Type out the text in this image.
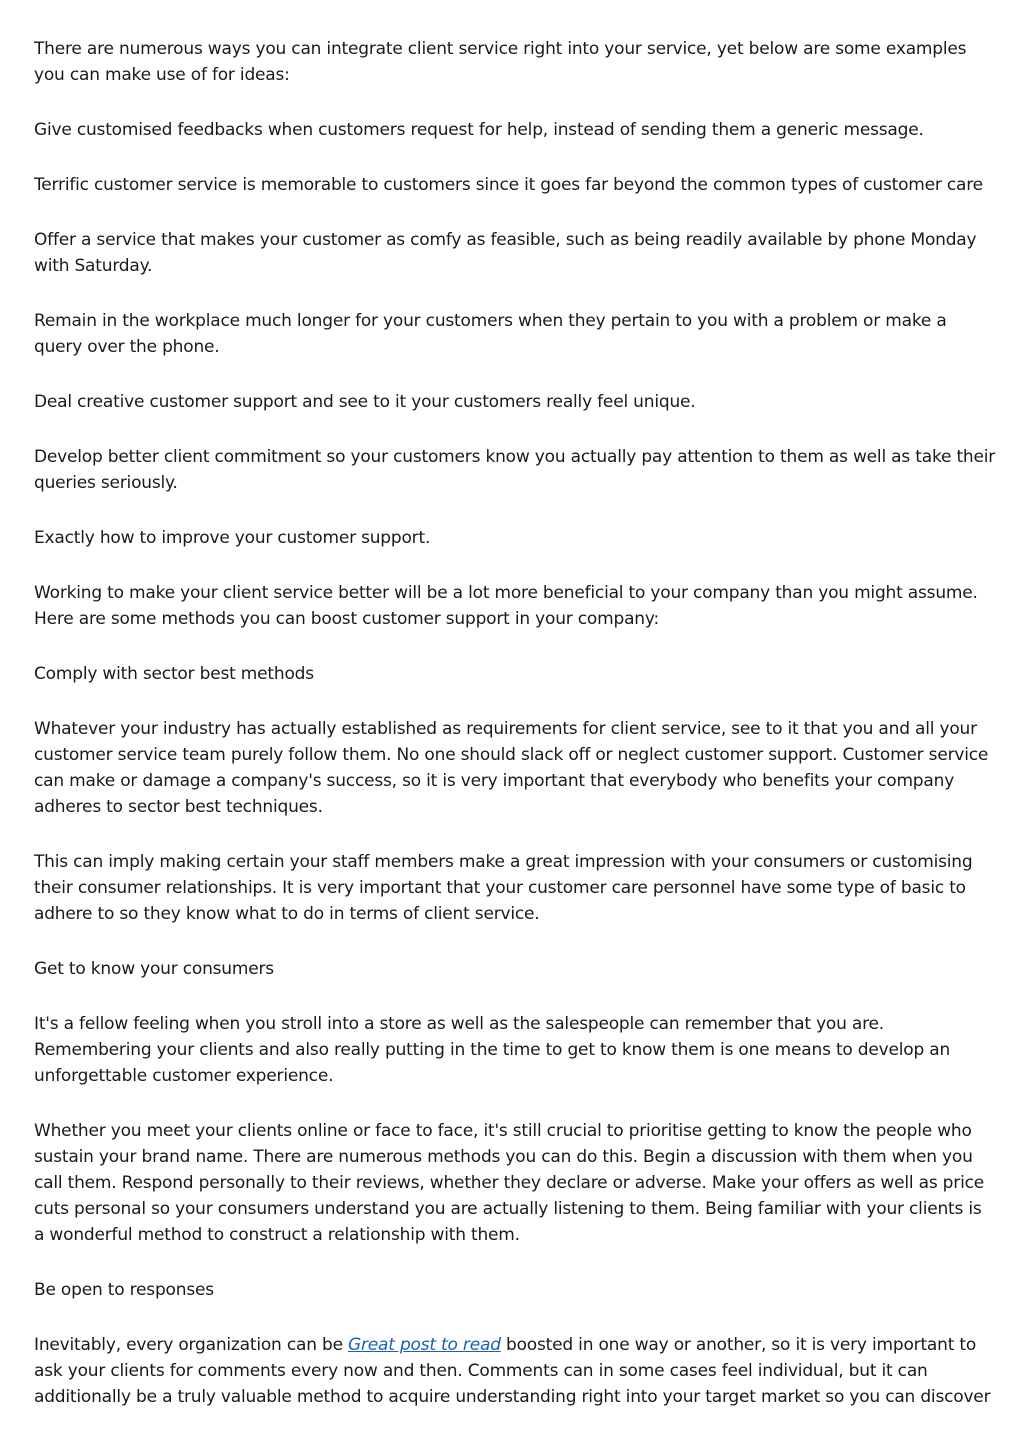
There are numerous ways you can integrate client service right into your service, yet below are some examples you can make use of for ideas:

Give customised feedbacks when customers request for help, instead of sending them a generic message.

Terrific customer service is memorable to customers since it goes far beyond the common types of customer care

Offer a service that makes your customer as comfy as feasible, such as being readily available by phone Monday with Saturday.

Remain in the workplace much longer for your customers when they pertain to you with a problem or make a query over the phone.

Deal creative customer support and see to it your customers really feel unique.

Develop better client commitment so your customers know you actually pay attention to them as well as take their queries seriously.

Exactly how to improve your customer support.

Working to make your client service better will be a lot more beneficial to your company than you might assume. Here are some methods you can boost customer support in your company:

Comply with sector best methods

Whatever your industry has actually established as requirements for client service, see to it that you and all your customer service team purely follow them. No one should slack off or neglect customer support. Customer service can make or damage a company's success, so it is very important that everybody who benefits your company adheres to sector best techniques.

This can imply making certain your staff members make a great impression with your consumers or customising their consumer relationships. It is very important that your customer care personnel have some type of basic to adhere to so they know what to do in terms of client service.

Get to know your consumers

It's a fellow feeling when you stroll into a store as well as the salespeople can remember that you are. Remembering your clients and also really putting in the time to get to know them is one means to develop an unforgettable customer experience.

Whether you meet your clients online or face to face, it's still crucial to prioritise getting to know the people who sustain your brand name. There are numerous methods you can do this. Begin a discussion with them when you call them. Respond personally to their reviews, whether they declare or adverse. Make your offers as well as price cuts personal so your consumers understand you are actually listening to them. Being familiar with your clients is a wonderful method to construct a relationship with them.

Be open to responses

Inevitably, every organization can be Great post to read boosted in one way or another, so it is very important to ask your clients for comments every now and then. Comments can in some cases feel individual, but it can additionally be a truly valuable method to acquire understanding right into your target market so you can discover
